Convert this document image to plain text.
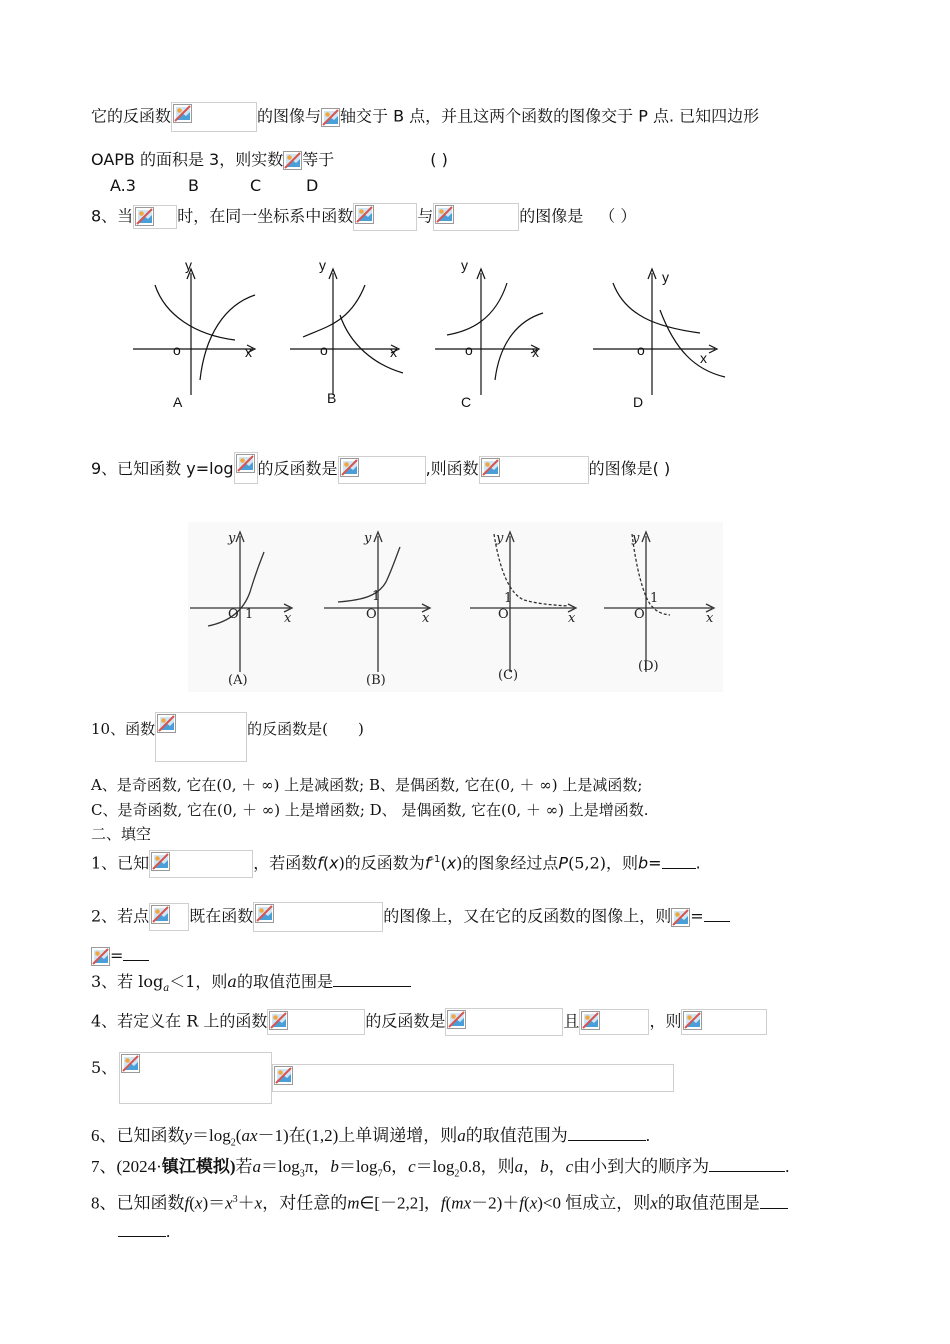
它的反函数	的图像与 轴交于 B 点，并且这两个函数的图像交于 P 点. 已知四边形
OAPB 的面积是 3，则实数 等于	( )
A.3	B	C	D
8、当	时，在同一坐标系中函数	与	的图像是 （ ）
y
x
o
A
y
x
o
B
y
x
o
C
y
x
o
D
9、已知函数 y=log 的反函数是	,则函数	的图像是( )
y
x
O 1
(A)
y
x
O
1
(B)
y
x
O
1
(C)
y
x
O
1
(D)
10、函数	的反函数是(　　)
A、是奇函数, 它在(0, ＋ ∞) 上是减函数; B、是偶函数, 它在(0, ＋ ∞) 上是减函数;
C、是奇函数, 它在(0, ＋ ∞) 上是增函数; D、 是偶函数, 它在(0, ＋ ∞) 上是增函数.
二、填空
1、已知	，若函数f(x)的反函数为$f^{-1}(x)$的图象经过点P(5,2)，则b= .
2、若点	既在函数	的图像上，又在它的反函数的图像上，则 =
=
3、若 $\log_a<1$，则a的取值范围是
4、若定义在 R 上的函数	的反函数是	且	，则
5、
6、已知函数$y=\log_2(ax-1)$在(1,2)上单调递增，则a的取值范围为	.
7、(2024·镇江模拟)若$a=\log_3\pi$，$b=\log_76$，$c=\log_20.8$，则a，b，c由小到大的顺序为	.
8、已知函数$f(x)=x^3+x$，对任意的m∈[－2,2]，f(mx－2)＋f(x)<0 恒成立，则x的取值范围是
.
